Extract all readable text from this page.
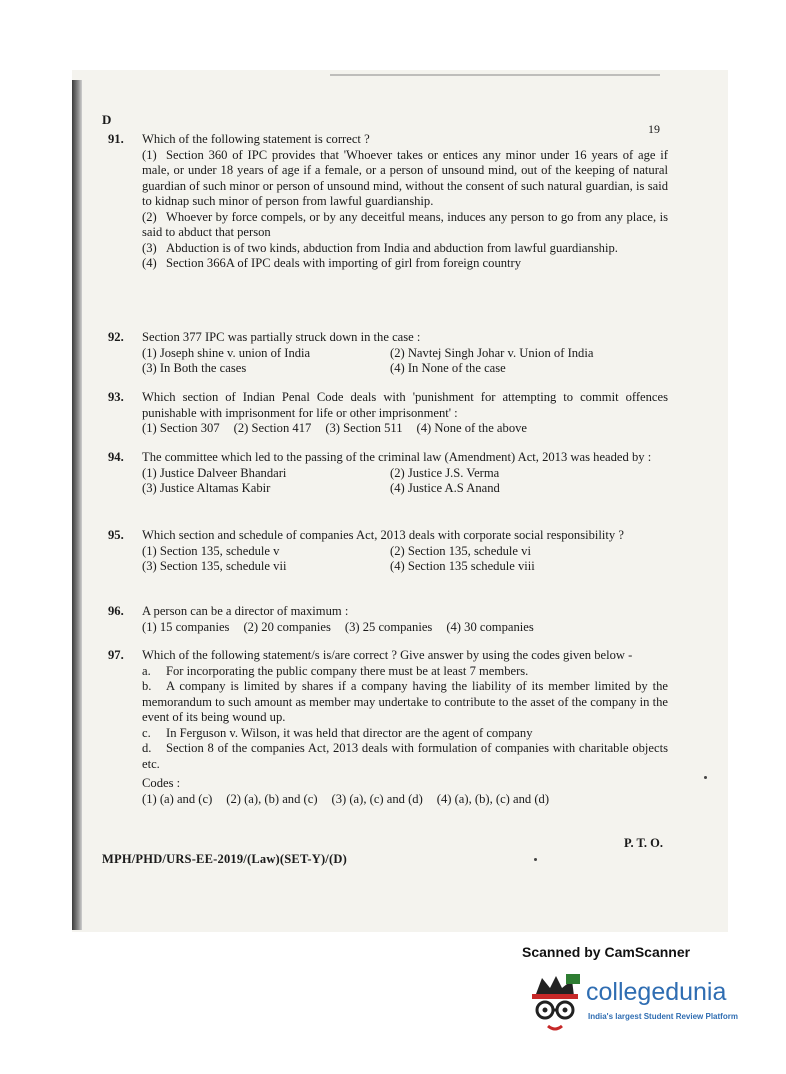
D
19
91. Which of the following statement is correct ?
(1) Section 360 of IPC provides that 'Whoever takes or entices any minor under 16 years of age if male, or under 18 years of age if a female, or a person of unsound mind, out of the keeping of natural guardian of such minor or person of unsound mind, without the consent of such natural guardian, is said to kidnap such minor of person from lawful guardianship.
(2) Whoever by force compels, or by any deceitful means, induces any person to go from any place, is said to abduct that person
(3) Abduction is of two kinds, abduction from India and abduction from lawful guardianship.
(4) Section 366A of IPC deals with importing of girl from foreign country
92. Section 377 IPC was partially struck down in the case :
(1) Joseph shine v. union of India	(2) Navtej Singh Johar v. Union of India
(3) In Both the cases	(4) In None of the case
93. Which section of Indian Penal Code deals with 'punishment for attempting to commit offences punishable with imprisonment for life or other imprisonment' :
(1) Section 307 (2) Section 417 (3) Section 511 (4) None of the above
94. The committee which led to the passing of the criminal law (Amendment) Act, 2013 was headed by :
(1) Justice Dalveer Bhandari	(2) Justice J.S. Verma
(3) Justice Altamas Kabir	(4) Justice A.S Anand
95. Which section and schedule of companies Act, 2013 deals with corporate social responsibility ?
(1) Section 135, schedule v	(2) Section 135, schedule vi
(3) Section 135, schedule vii	(4) Section 135 schedule viii
96. A person can be a director of maximum :
(1) 15 companies (2) 20 companies (3) 25 companies (4) 30 companies
97. Which of the following statement/s is/are correct ? Give answer by using the codes given below -
a. For incorporating the public company there must be at least 7 members.
b. A company is limited by shares if a company having the liability of its member limited by the memorandum to such amount as member may undertake to contribute to the asset of the company in the event of its being wound up.
c. In Ferguson v. Wilson, it was held that director are the agent of company
d. Section 8 of the companies Act, 2013 deals with formulation of companies with charitable objects etc.
Codes :
(1) (a) and (c) (2) (a), (b) and (c) (3) (a), (c) and (d) (4) (a), (b), (c) and (d)
P. T. O.
MPH/PHD/URS-EE-2019/(Law)(SET-Y)/(D)
Scanned by CamScanner
collegedunia
India's largest Student Review Platform
